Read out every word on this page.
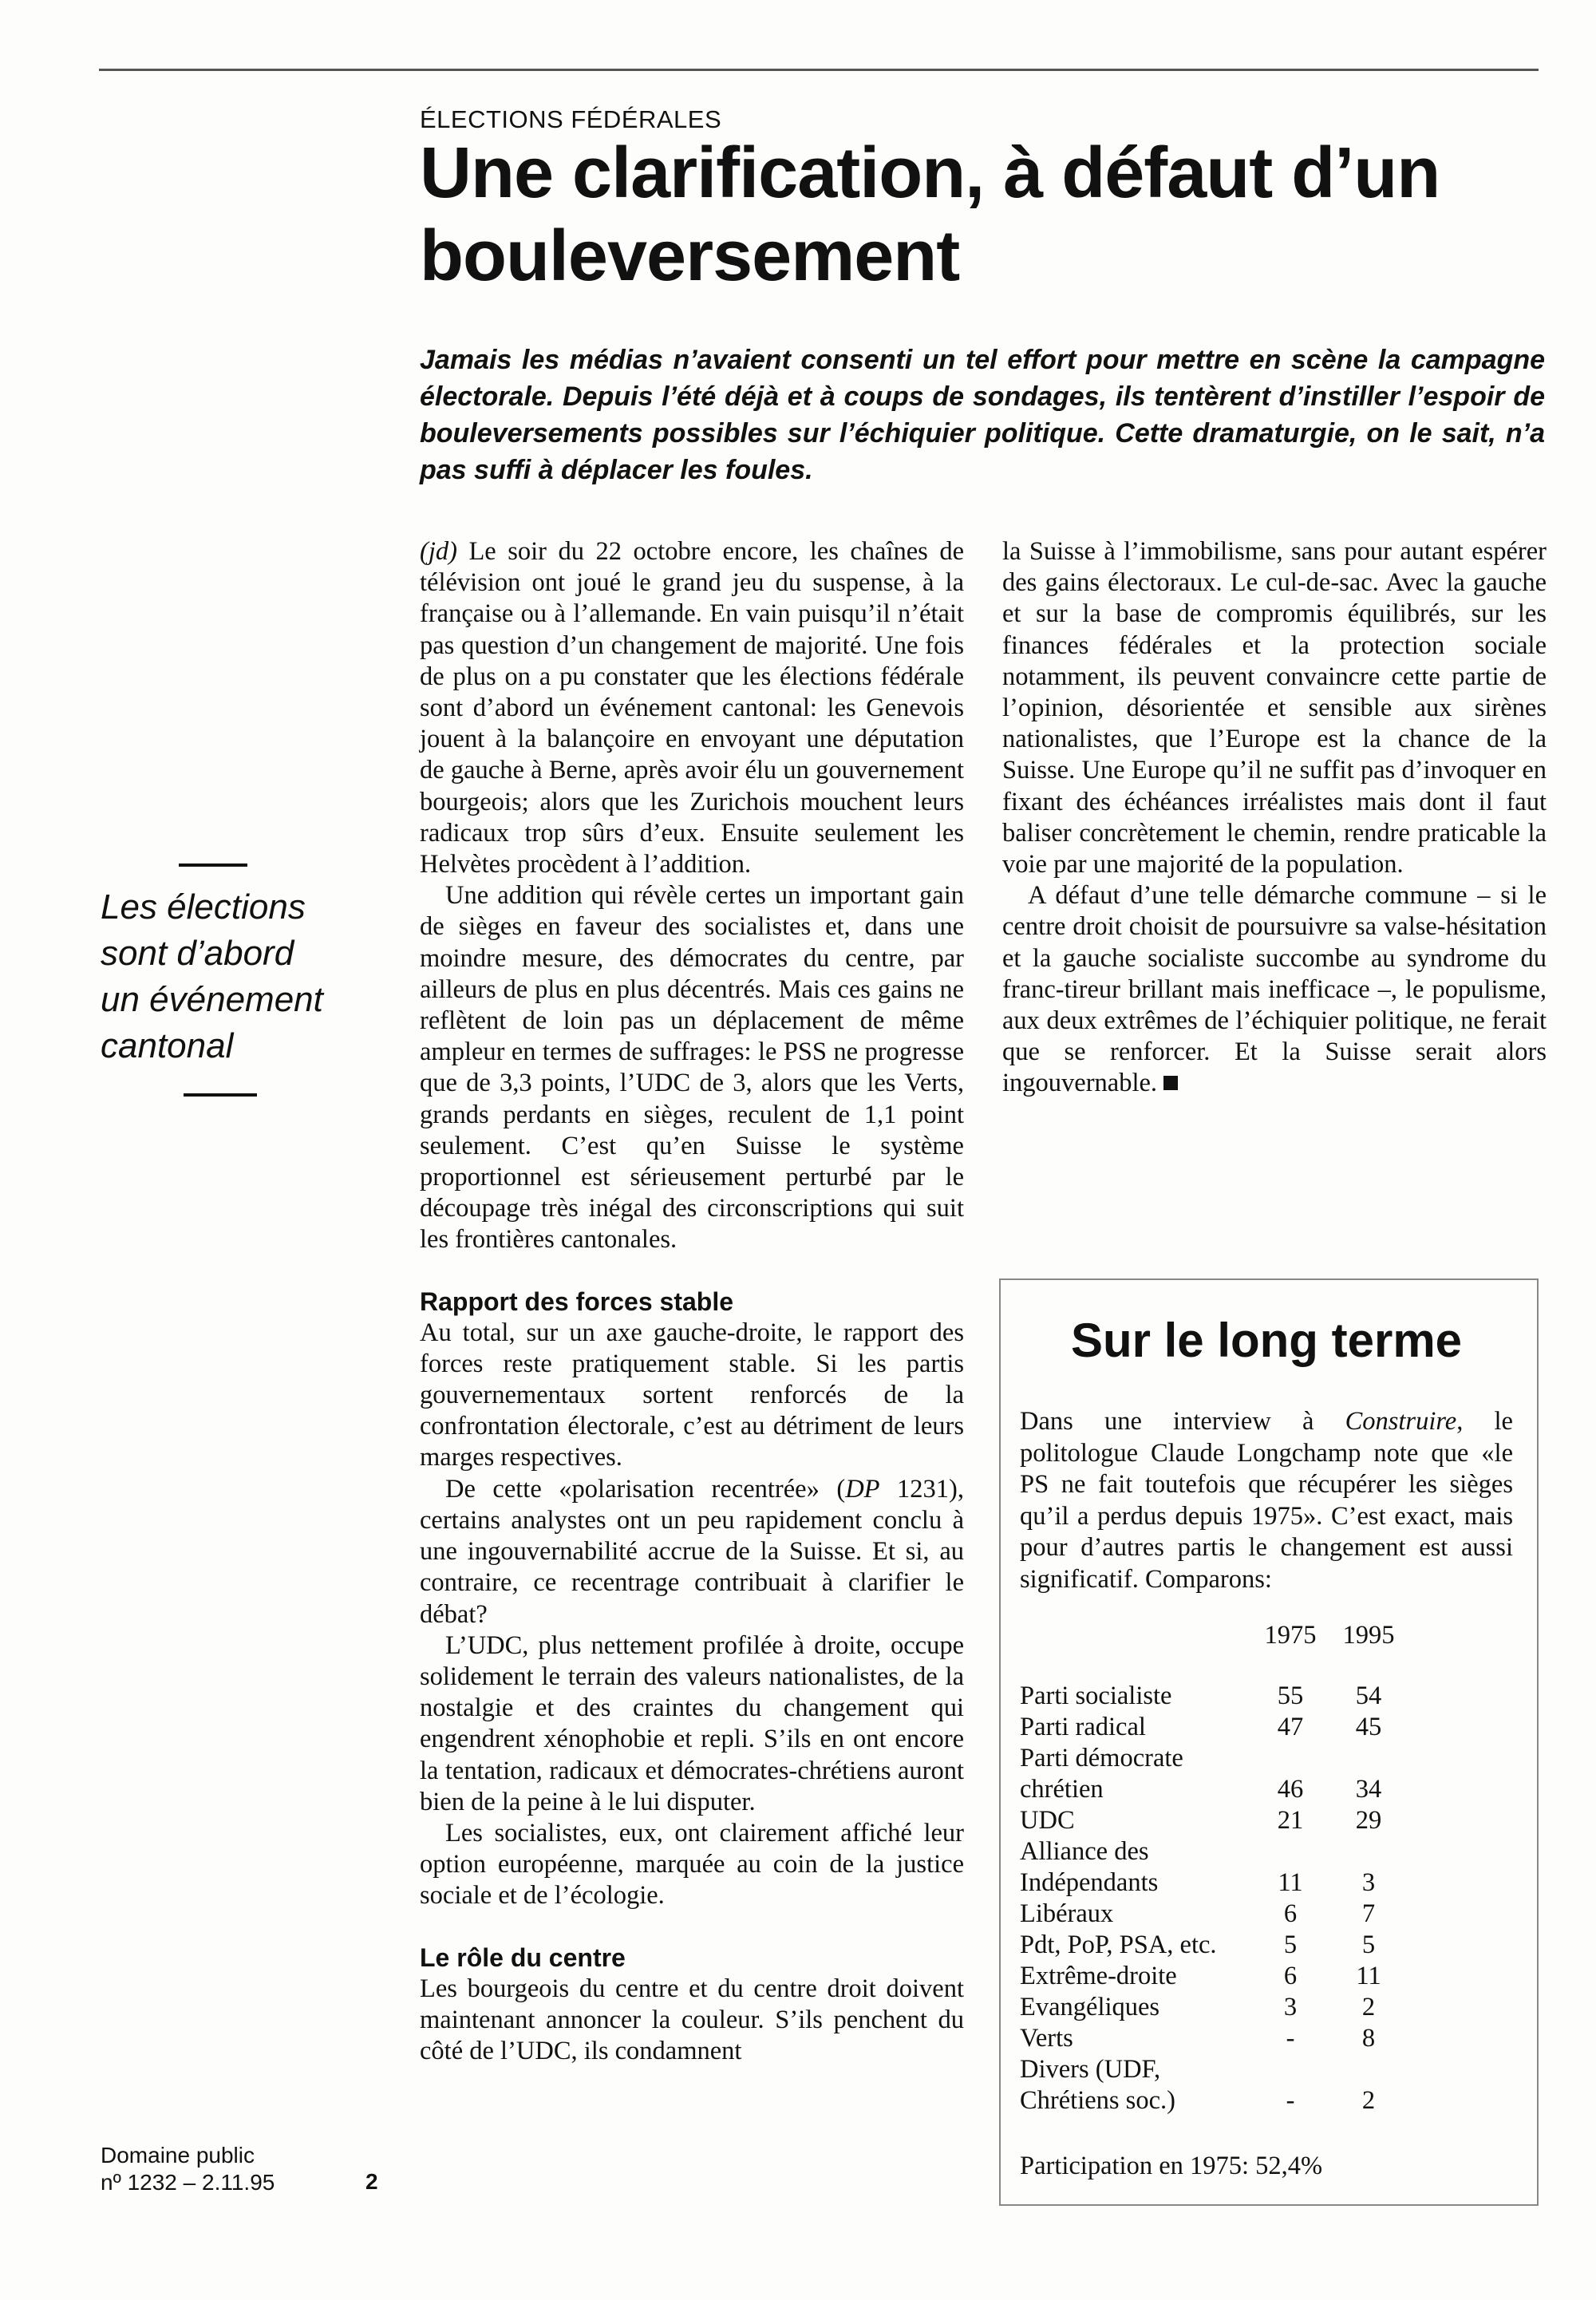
ÉLECTIONS FÉDÉRALES
Une clarification, à défaut d’un
bouleversement

Jamais les médias n’avaient consenti un tel effort pour mettre en scène la campagne électorale. Depuis l’été déjà et à coups de sondages, ils tentèrent d’instiller l’espoir de bouleversements possibles sur l’échiquier politique. Cette dramaturgie, on le sait, n’a pas suffi à déplacer les foules.

Les élections
sont d’abord
un événement
cantonal

(jd) Le soir du 22 octobre encore, les chaînes de télévision ont joué le grand jeu du suspense, à la française ou à l’allemande. En vain puisqu’il n’était pas question d’un changement de majorité. Une fois de plus on a pu constater que les élections fédérale sont d’abord un événement cantonal: les Genevois jouent à la balançoire en envoyant une députation de gauche à Berne, après avoir élu un gouvernement bourgeois; alors que les Zurichois mouchent leurs radicaux trop sûrs d’eux. Ensuite seulement les Helvètes procèdent à l’addition.

Une addition qui révèle certes un important gain de sièges en faveur des socialistes et, dans une moindre mesure, des démocrates du centre, par ailleurs de plus en plus décentrés. Mais ces gains ne reflètent de loin pas un déplacement de même ampleur en termes de suffrages: le PSS ne progresse que de 3,3 points, l’UDC de 3, alors que les Verts, grands perdants en sièges, reculent de 1,1 point seulement. C’est qu’en Suisse le système proportionnel est sérieusement perturbé par le découpage très inégal des circonscriptions qui suit les frontières cantonales.

Rapport des forces stable

Au total, sur un axe gauche-droite, le rapport des forces reste pratiquement stable. Si les partis gouvernementaux sortent renforcés de la confrontation électorale, c’est au détriment de leurs marges respectives.

De cette «polarisation recentrée» (DP 1231), certains analystes ont un peu rapidement conclu à une ingouvernabilité accrue de la Suisse. Et si, au contraire, ce recentrage contribuait à clarifier le débat?

L’UDC, plus nettement profilée à droite, occupe solidement le terrain des valeurs nationalistes, de la nostalgie et des craintes du changement qui engendrent xénophobie et repli. S’ils en ont encore la tentation, radicaux et démocrates-chrétiens auront bien de la peine à le lui disputer.

Les socialistes, eux, ont clairement affiché leur option européenne, marquée au coin de la justice sociale et de l’écologie.

Le rôle du centre

Les bourgeois du centre et du centre droit doivent maintenant annoncer la couleur. S’ils penchent du côté de l’UDC, ils condamnent

la Suisse à l’immobilisme, sans pour autant espérer des gains électoraux. Le cul-de-sac. Avec la gauche et sur la base de compromis équilibrés, sur les finances fédérales et la protection sociale notamment, ils peuvent convaincre cette partie de l’opinion, désorientée et sensible aux sirènes nationalistes, que l’Europe est la chance de la Suisse. Une Europe qu’il ne suffit pas d’invoquer en fixant des échéances irréalistes mais dont il faut baliser concrètement le chemin, rendre praticable la voie par une majorité de la population.

A défaut d’une telle démarche commune – si le centre droit choisit de poursuivre sa valse-hésitation et la gauche socialiste succombe au syndrome du franc-tireur brillant mais inefficace –, le populisme, aux deux extrêmes de l’échiquier politique, ne ferait que se renforcer. Et la Suisse serait alors ingouvernable.

Sur le long terme

Dans une interview à Construire, le politologue Claude Longchamp note que «le PS ne fait toutefois que récupérer les sièges qu’il a perdus depuis 1975». C’est exact, mais pour d’autres partis le changement est aussi significatif. Comparons:

	1975	1995
Parti socialiste	55	54
Parti radical	47	45
Parti démocrate		
chrétien	46	34
UDC	21	29
Alliance des		
Indépendants	11	3
Libéraux	6	7
Pdt, PoP, PSA, etc.	5	5
Extrême-droite	6	11
Evangéliques	3	2
Verts	-	8
Divers (UDF,		
Chrétiens soc.)	-	2

Participation en 1975: 52,4%

Domaine public
nº 1232 – 2.11.95	2
